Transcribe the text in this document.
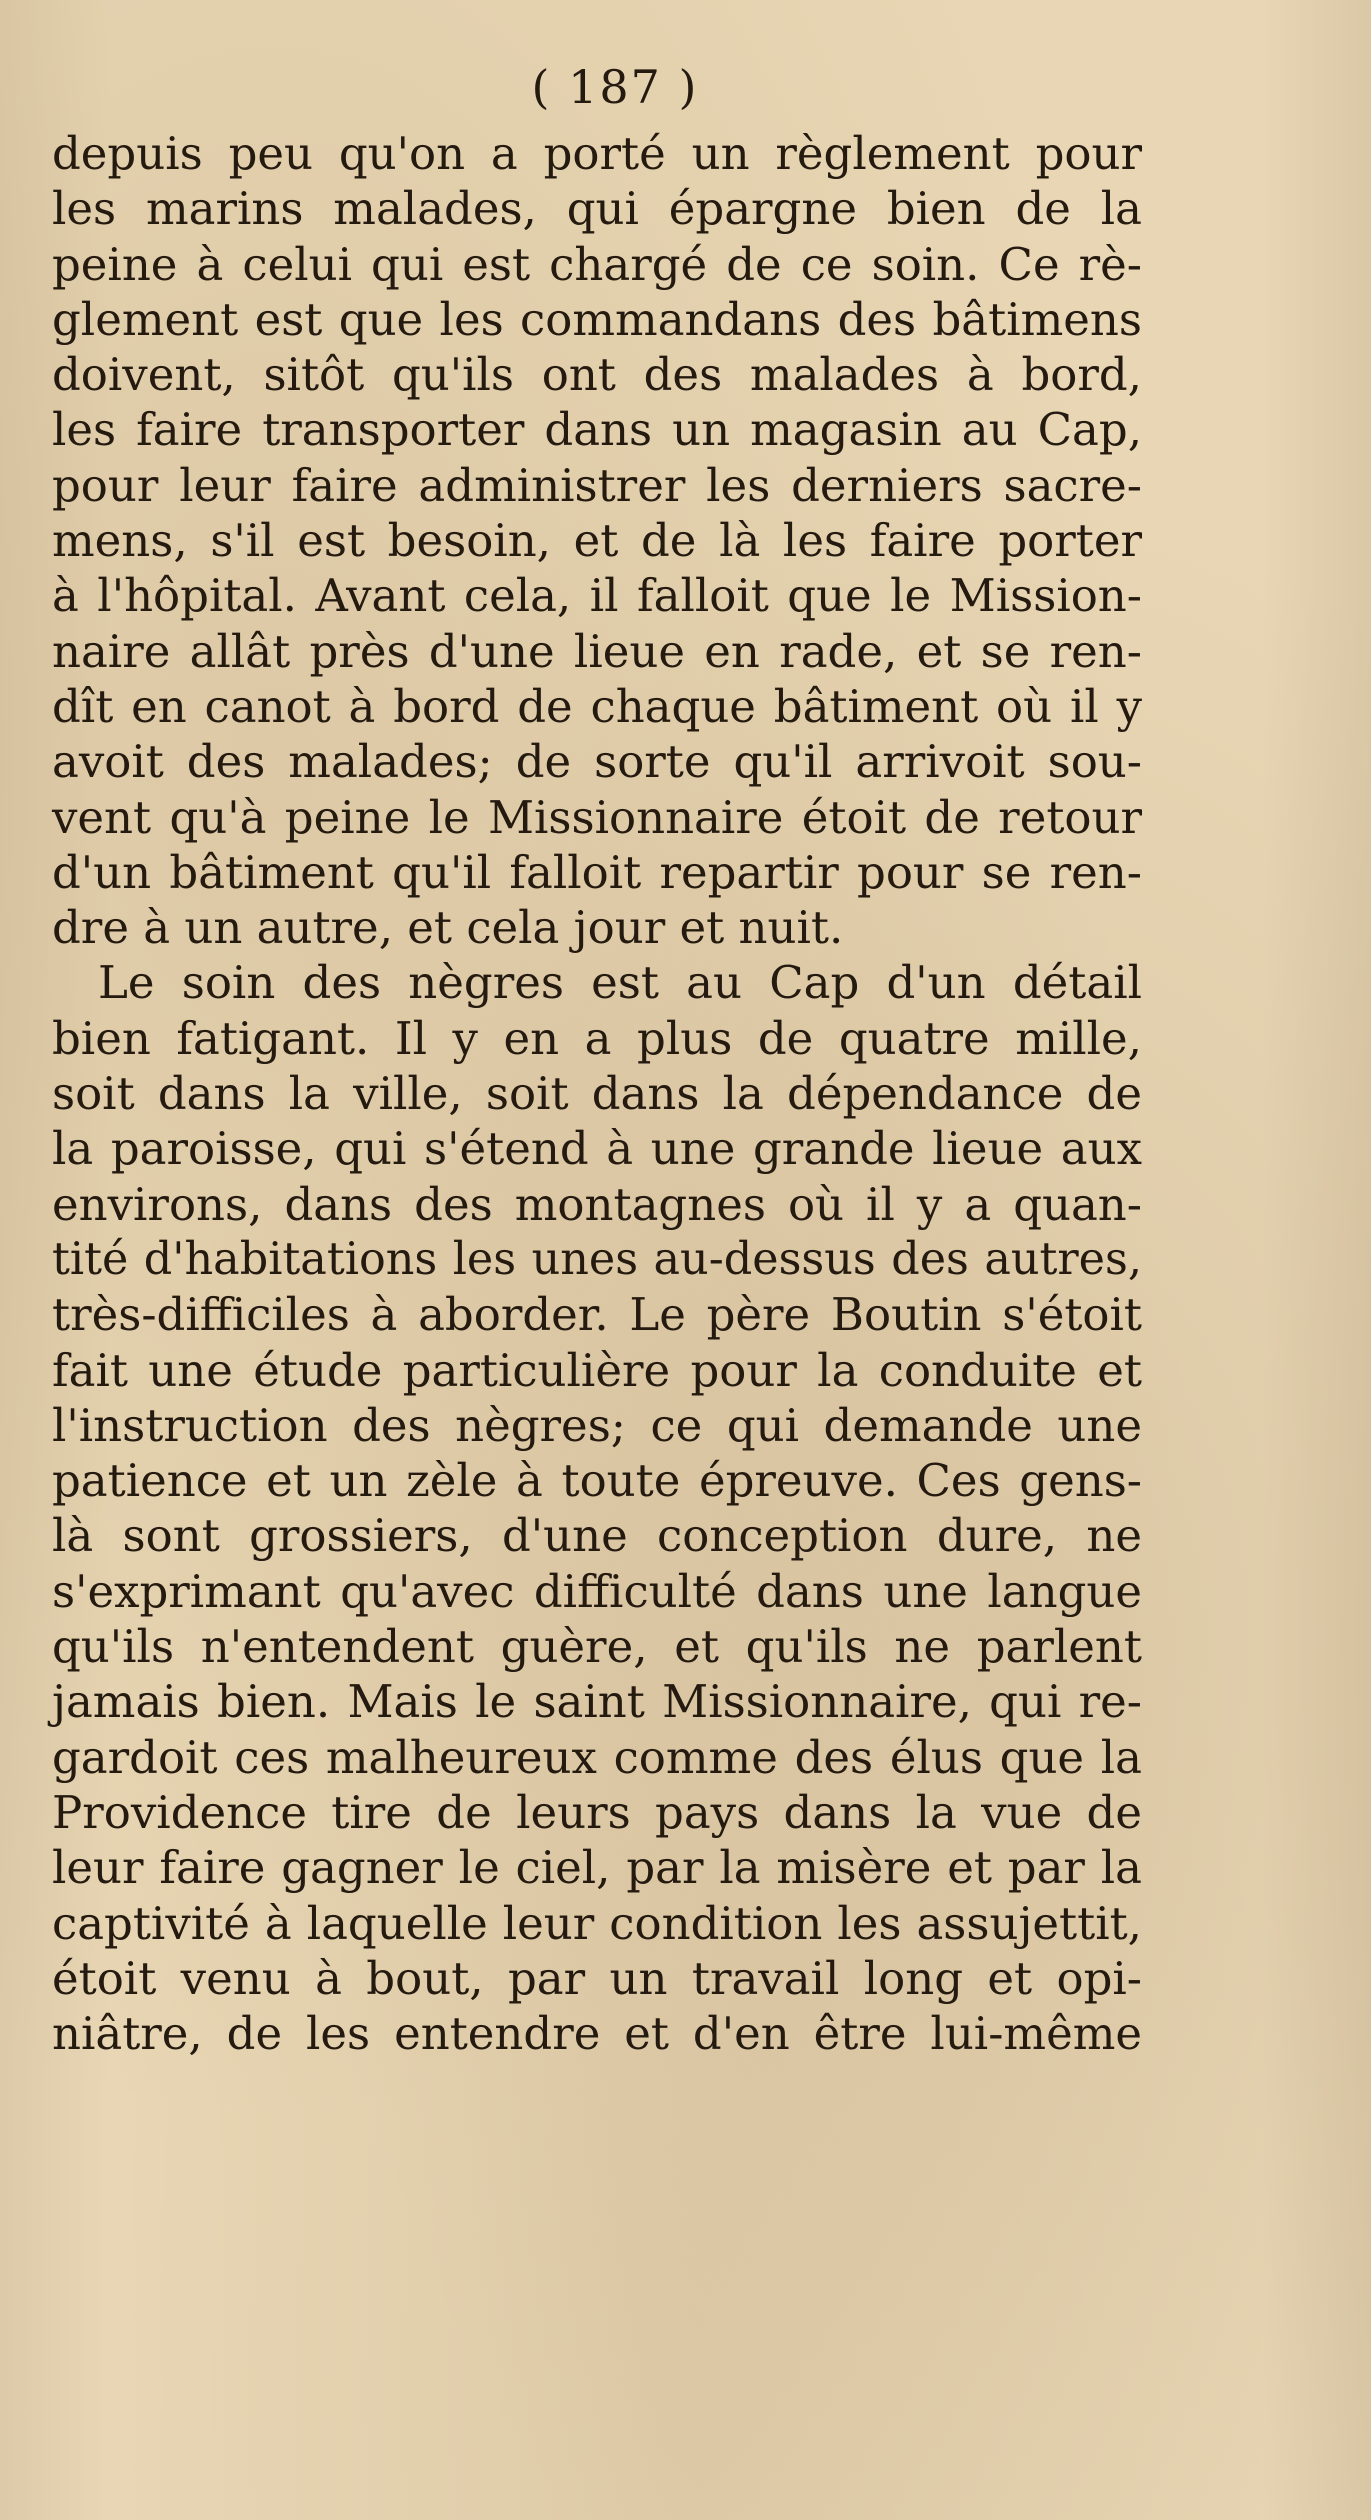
( 187 )
depuis peu qu'on a porté un règlement pour
les marins malades, qui épargne bien de la
peine à celui qui est chargé de ce soin. Ce rè-
glement est que les commandans des bâtimens
doivent, sitôt qu'ils ont des malades à bord,
les faire transporter dans un magasin au Cap,
pour leur faire administrer les derniers sacre-
mens, s'il est besoin, et de là les faire porter
à l'hôpital. Avant cela, il falloit que le Mission-
naire allât près d'une lieue en rade, et se ren-
dît en canot à bord de chaque bâtiment où il y
avoit des malades; de sorte qu'il arrivoit sou-
vent qu'à peine le Missionnaire étoit de retour
d'un bâtiment qu'il falloit repartir pour se ren-
dre à un autre, et cela jour et nuit.
Le soin des nègres est au Cap d'un détail
bien fatigant. Il y en a plus de quatre mille,
soit dans la ville, soit dans la dépendance de
la paroisse, qui s'étend à une grande lieue aux
environs, dans des montagnes où il y a quan-
tité d'habitations les unes au-dessus des autres,
très-difficiles à aborder. Le père Boutin s'étoit
fait une étude particulière pour la conduite et
l'instruction des nègres; ce qui demande une
patience et un zèle à toute épreuve. Ces gens-
là sont grossiers, d'une conception dure, ne
s'exprimant qu'avec difficulté dans une langue
qu'ils n'entendent guère, et qu'ils ne parlent
jamais bien. Mais le saint Missionnaire, qui re-
gardoit ces malheureux comme des élus que la
Providence tire de leurs pays dans la vue de
leur faire gagner le ciel, par la misère et par la
captivité à laquelle leur condition les assujettit,
étoit venu à bout, par un travail long et opi-
niâtre, de les entendre et d'en être lui-même
